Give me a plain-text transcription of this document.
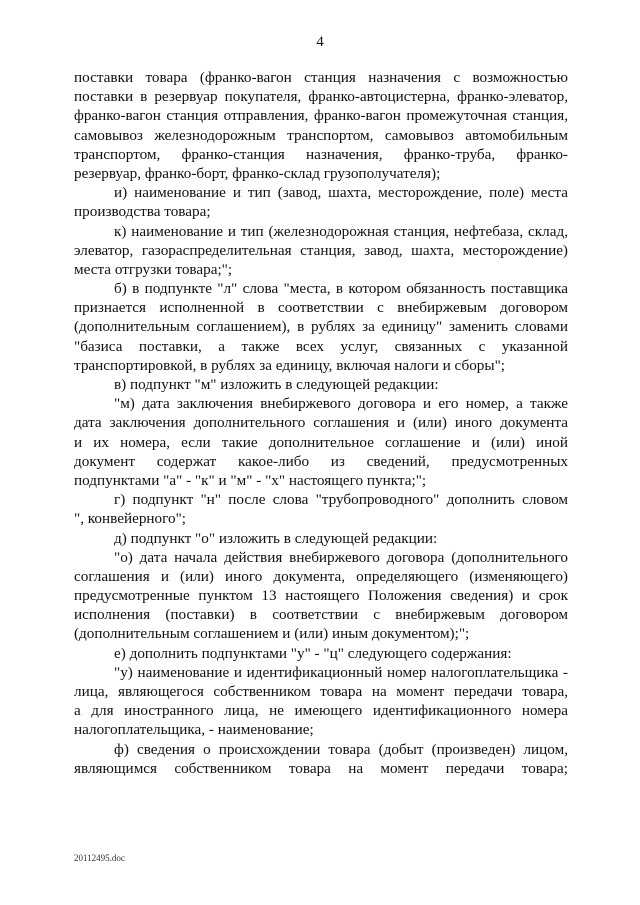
4
поставки товара (франко-вагон станция назначения с возможностью
поставки в резервуар покупателя, франко-автоцистерна, франко-элеватор,
франко-вагон станция отправления, франко-вагон промежуточная станция,
самовывоз железнодорожным транспортом, самовывоз автомобильным
транспортом, франко-станция назначения, франко-труба, франко-
резервуар, франко-борт, франко-склад грузополучателя);
и) наименование и тип (завод, шахта, месторождение, поле) места
производства товара;
к) наименование и тип (железнодорожная станция, нефтебаза, склад,
элеватор, газораспределительная станция, завод, шахта, месторождение)
места отгрузки товара;";
б) в подпункте "л" слова "места, в котором обязанность поставщика
признается исполненной в соответствии с внебиржевым договором
(дополнительным соглашением), в рублях за единицу" заменить словами
"базиса поставки, а также всех услуг, связанных с указанной
транспортировкой, в рублях за единицу, включая налоги и сборы";
в) подпункт "м" изложить в следующей редакции:
"м) дата заключения внебиржевого договора и его номер, а также
дата заключения дополнительного соглашения и (или) иного документа
и их номера, если такие дополнительное соглашение и (или) иной
документ содержат какое-либо из сведений, предусмотренных
подпунктами "а" - "к" и "м" - "х" настоящего пункта;";
г) подпункт "н" после слова "трубопроводного" дополнить словом
", конвейерного";
д) подпункт "о" изложить в следующей редакции:
"о) дата начала действия внебиржевого договора (дополнительного
соглашения и (или) иного документа, определяющего (изменяющего)
предусмотренные пунктом 13 настоящего Положения сведения) и срок
исполнения (поставки) в соответствии с внебиржевым договором
(дополнительным соглашением и (или) иным документом);";
е) дополнить подпунктами "у" - "ц" следующего содержания:
"у) наименование и идентификационный номер налогоплательщика -
лица, являющегося собственником товара на момент передачи товара,
а для иностранного лица, не имеющего идентификационного номера
налогоплательщика, - наименование;
ф) сведения о происхождении товара (добыт (произведен) лицом,
являющимся собственником товара на момент передачи товара;
20112495.doc
